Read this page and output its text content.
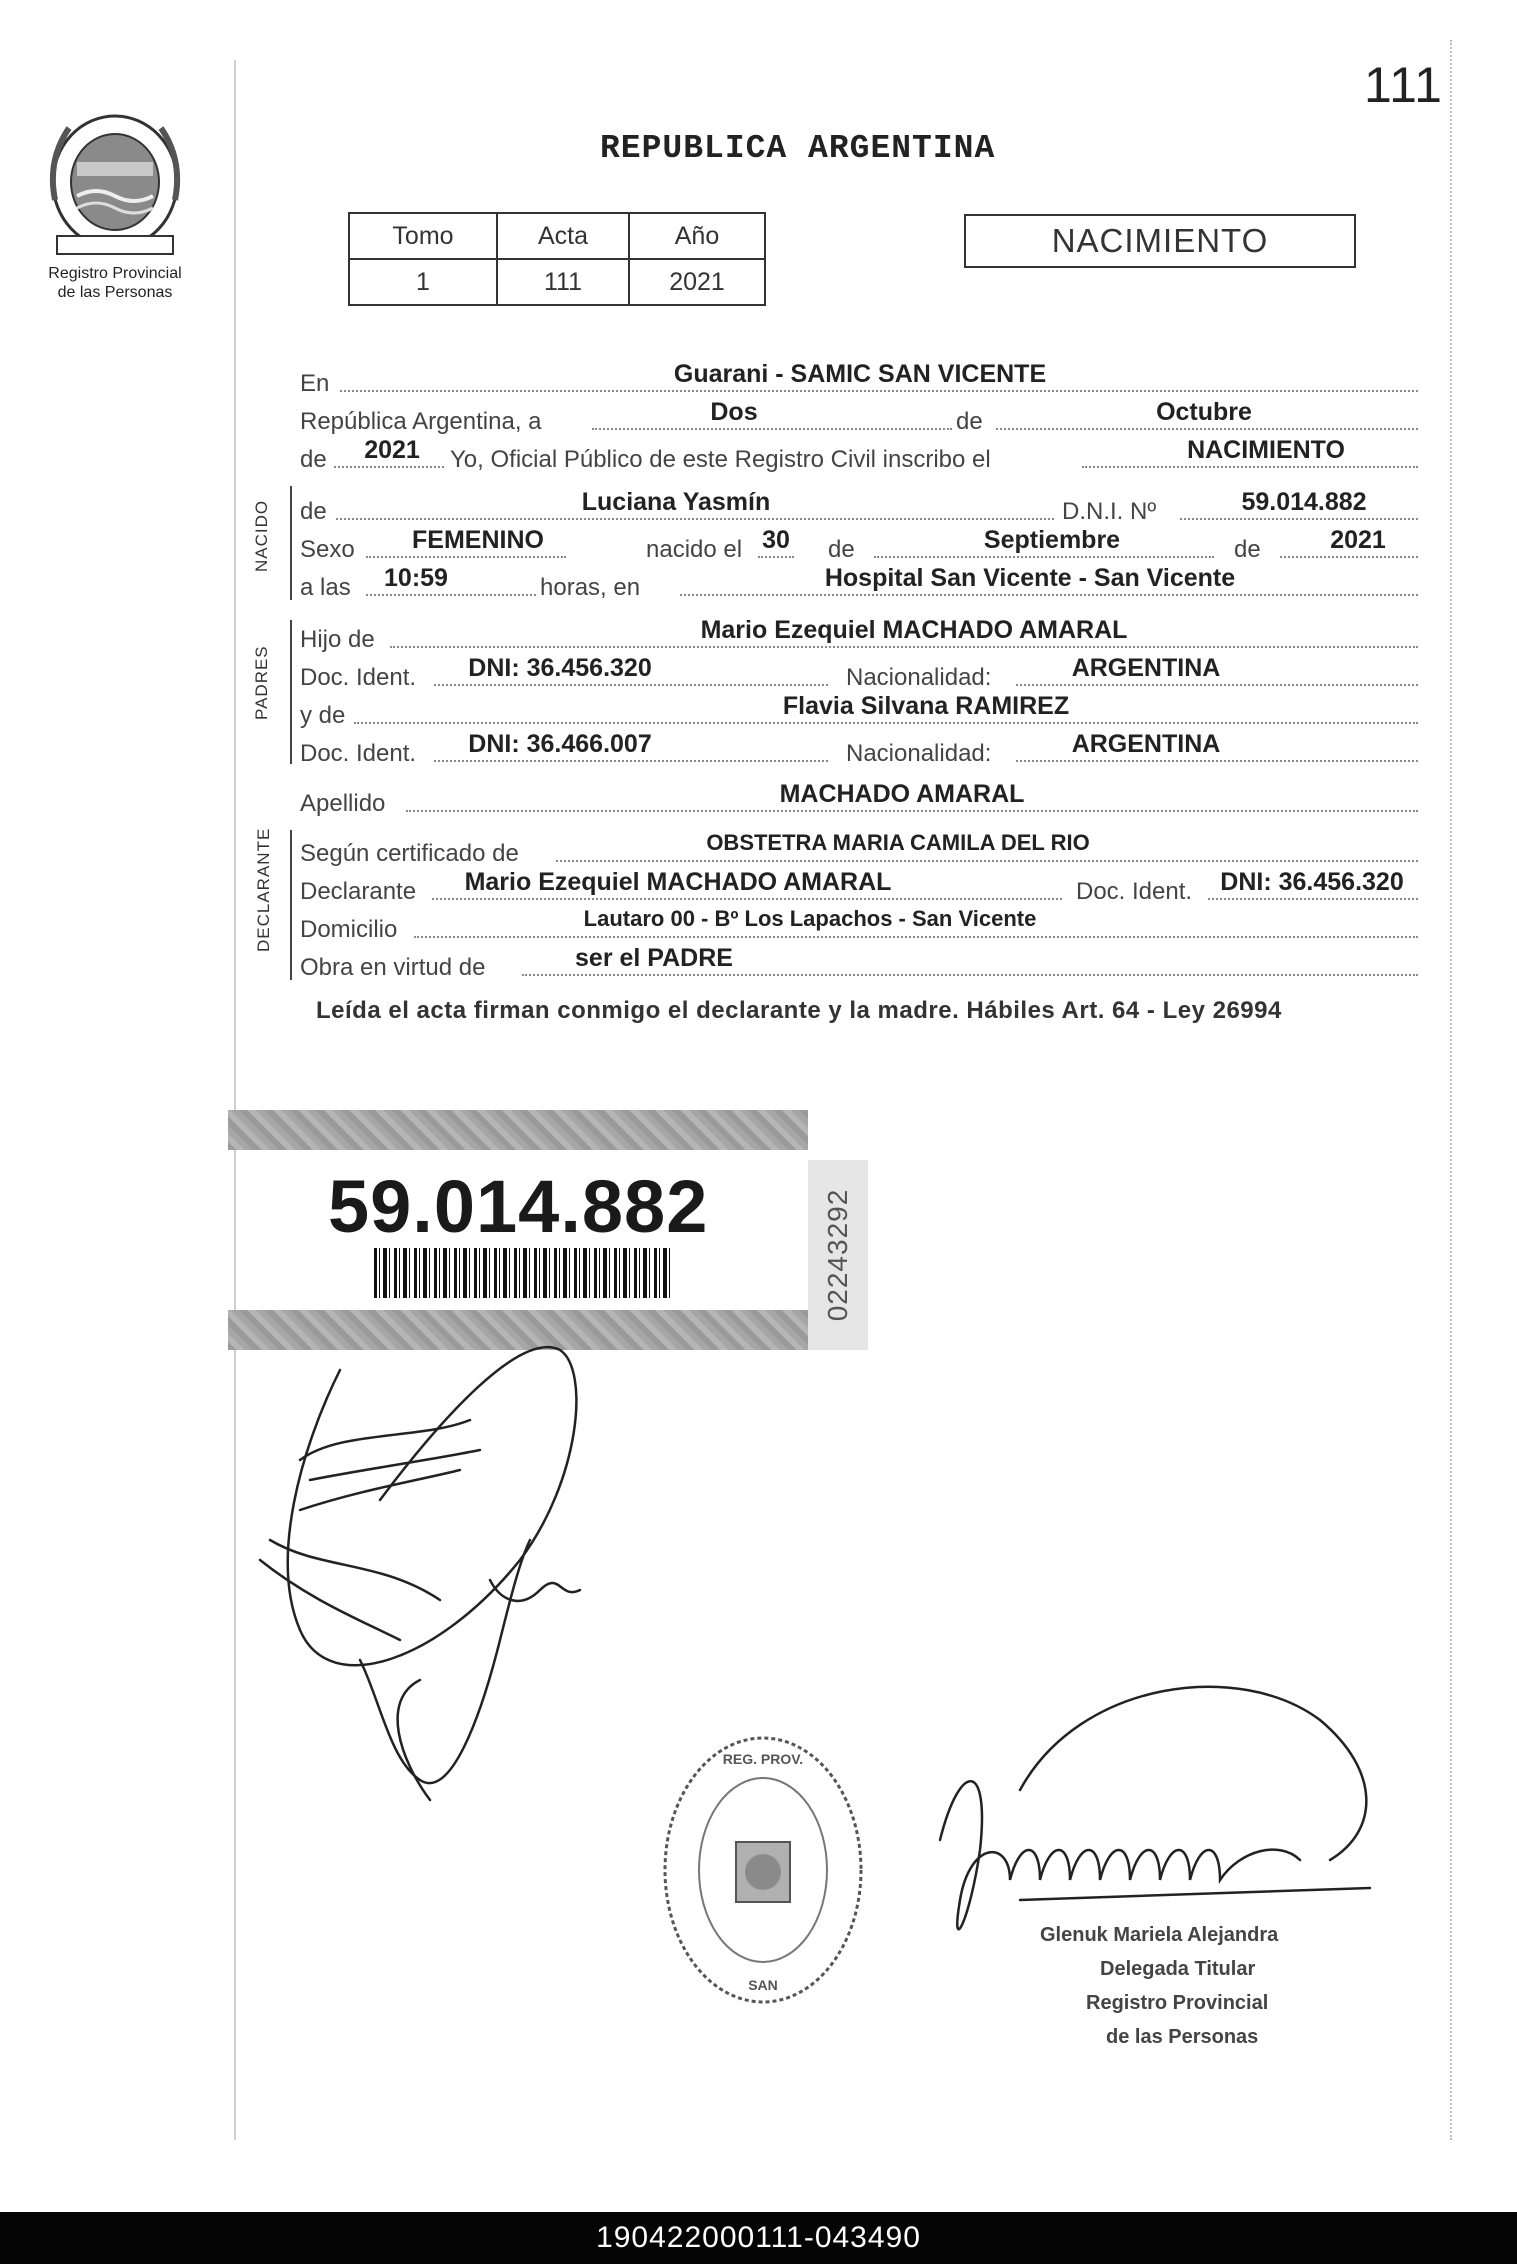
111
Registro Provincial
de las Personas
REPUBLICA ARGENTINA
Tomo	Acta	Año
1	111	2021
NACIMIENTO
En	Guarani - SAMIC SAN VICENTE
República Argentina, a	Dos	de	Octubre
de 2021 Yo, Oficial Público de este Registro Civil inscribo el	NACIMIENTO
NACIDO de	Luciana Yasmín	D.N.I. Nº	59.014.882
Sexo FEMENINO	nacido el 30 de	Septiembre	de	2021
a las 10:59	horas, en	Hospital San Vicente - San Vicente
PADRES
Hijo de	Mario Ezequiel MACHADO AMARAL
Doc. Ident. DNI: 36.456.320	Nacionalidad:	ARGENTINA
y de	Flavia Silvana RAMIREZ
Doc. Ident. DNI: 36.466.007	Nacionalidad:	ARGENTINA
Apellido	MACHADO AMARAL
DECLARANTE Según certificado de	OBSTETRA MARIA CAMILA DEL RIO
Declarante Mario Ezequiel MACHADO AMARAL	Doc. Ident. DNI: 36.456.320
Domicilio	Lautaro 00 - Bº Los Lapachos - San Vicente
Obra en virtud de	ser el PADRE
Leída el acta firman conmigo el declarante y la madre. Hábiles Art. 64 - Ley 26994
59.014.882	02243292
REG. PROV.
SAN
Glenuk Mariela Alejandra
Delegada Titular
Registro Provincial
de las Personas
190422000111-043490
